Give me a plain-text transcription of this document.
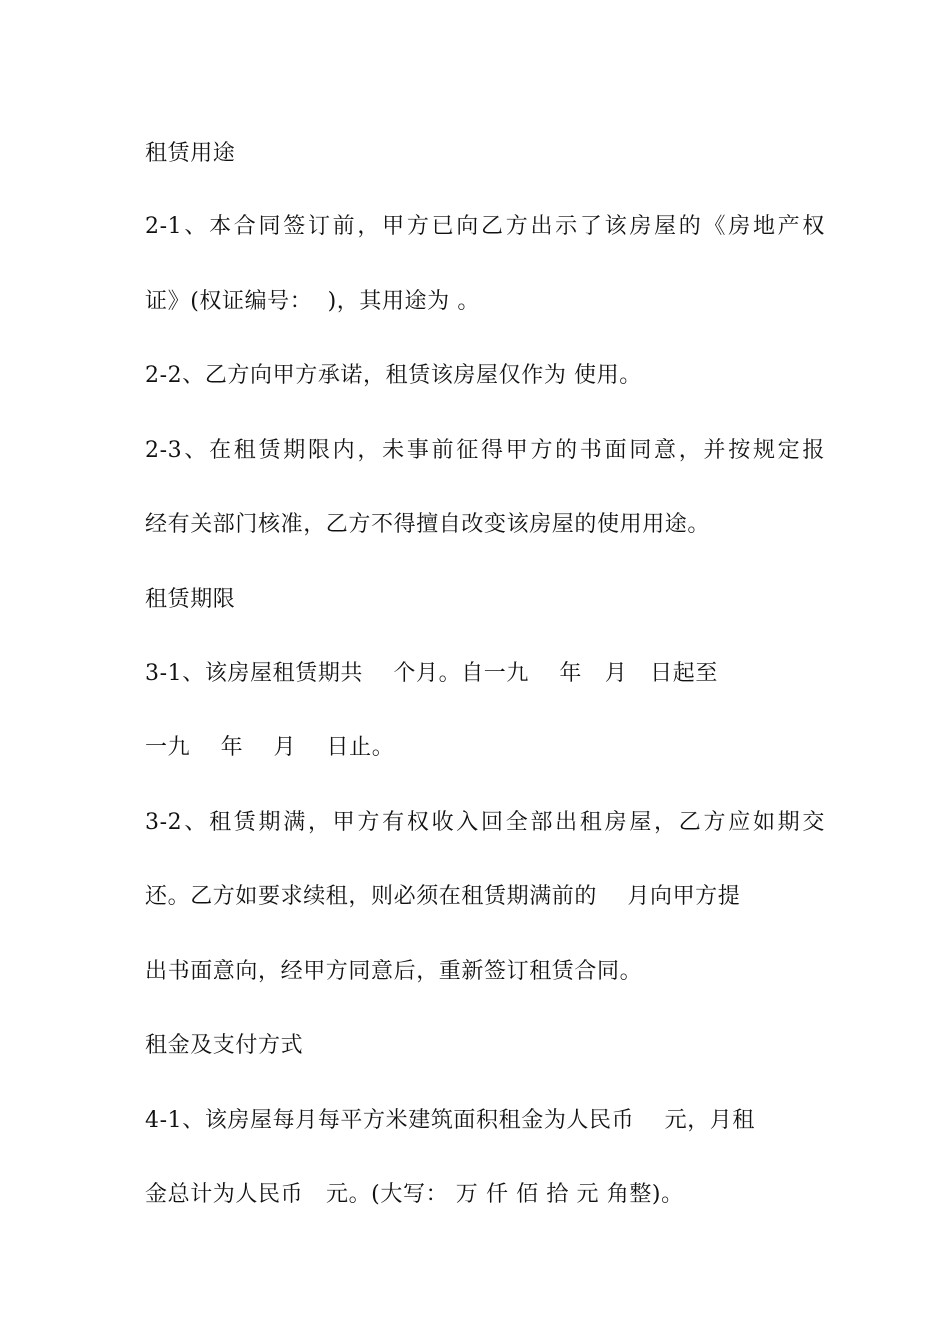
租赁用途
2-1、本合同签订前，甲方已向乙方出示了该房屋的《房地产权
证》(权证编号：  )，其用途为 。
2-2、乙方向甲方承诺，租赁该房屋仅作为 使用。
2-3、在租赁期限内，未事前征得甲方的书面同意，并按规定报
经有关部门核准，乙方不得擅自改变该房屋的使用用途。
租赁期限
3-1、该房屋租赁期共    个月。自一九    年   月   日起至
一九    年    月    日止。
3-2、租赁期满，甲方有权收入回全部出租房屋，乙方应如期交
还。乙方如要求续租，则必须在租赁期满前的    月向甲方提
出书面意向，经甲方同意后，重新签订租赁合同。
租金及支付方式
4-1、该房屋每月每平方米建筑面积租金为人民币    元，月租
金总计为人民币   元。(大写： 万 仟 佰 拾 元 角整)。
